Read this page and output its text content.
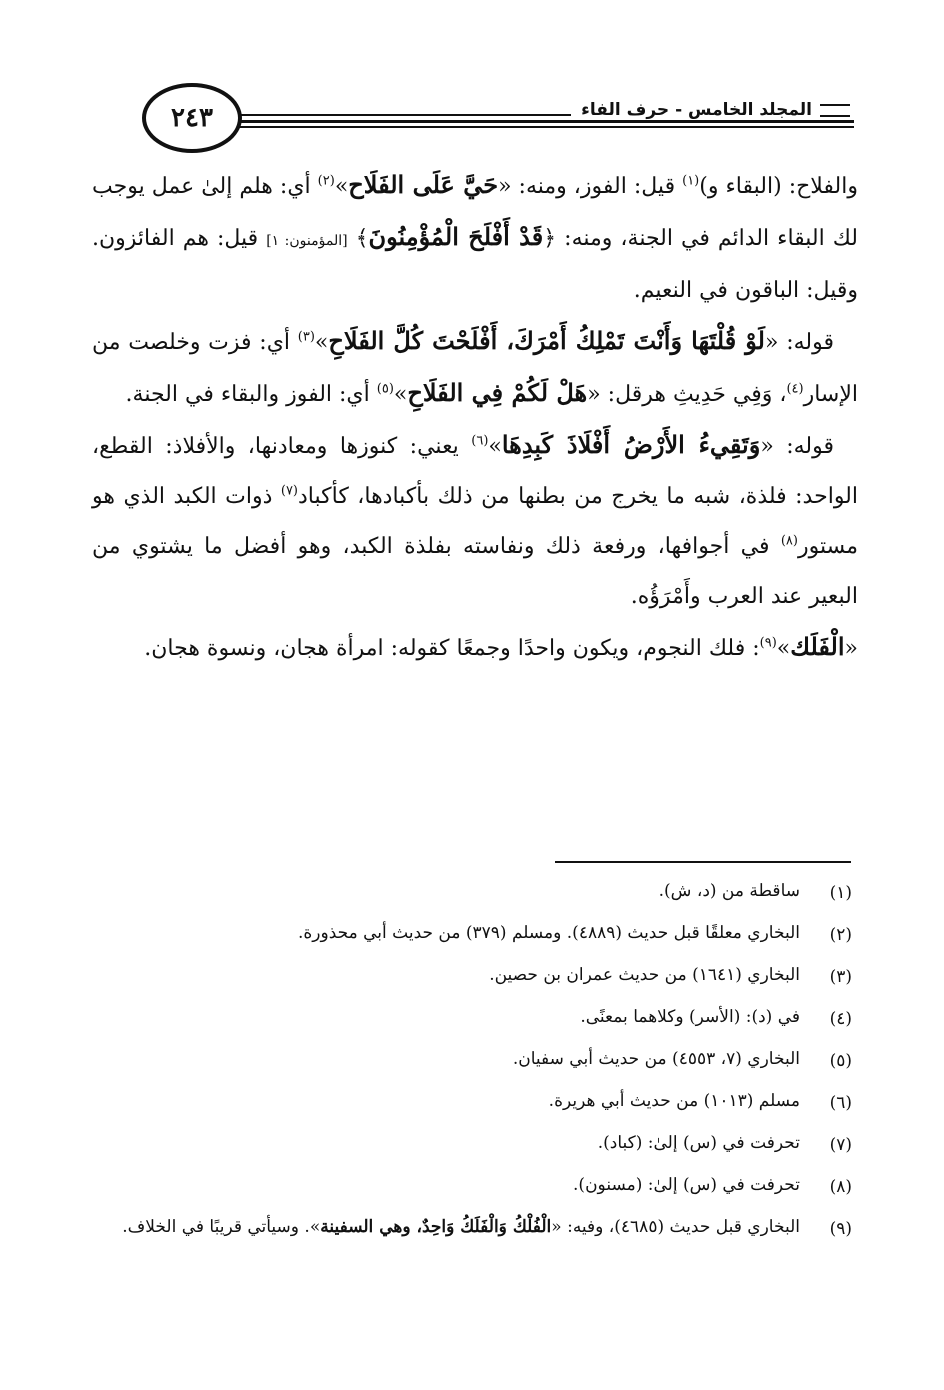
٢٤٣	المجلد الخامس - حرف الفاء

والفلاح: (البقاء و)$^{(١)}$ قيل: الفوز، ومنه: «حَيَّ عَلَى الفَلَاح»$^{(٢)}$ أي: هلم إلىٰ عمل يوجب لك البقاء الدائم في الجنة، ومنه: ﴿قَدْ أَفْلَحَ الْمُؤْمِنُونَ﴾ [المؤمنون: ١] قيل: هم الفائزون. وقيل: الباقون في النعيم.

قوله: «لَوْ قُلْتَهَا وَأَنْتَ تَمْلِكُ أَمْرَكَ، أَفْلَحْتَ كُلَّ الفَلَاحِ»$^{(٣)}$ أي: فزت وخلصت من الإسار$^{(٤)}$، وَفِي حَدِيثِ هرقل: «هَلْ لَكُمْ فِي الفَلَاحِ»$^{(٥)}$ أي: الفوز والبقاء في الجنة.

قوله: «وَتَقِيءُ الأَرْضُ أَفْلَاذَ كَبِدِهَا»$^{(٦)}$ يعني: كنوزها ومعادنها، والأفلاذ: القطع، الواحد: فلذة، شبه ما يخرج من بطنها من ذلك بأكبادها، كأكباد$^{(٧)}$ ذوات الكبد الذي هو مستور$^{(٨)}$ في أجوافها، ورفعة ذلك ونفاسته بفلذة الكبد، وهو أفضل ما يشتوي من البعير عند العرب وأَمْرَؤُه.

«الْفَلَك»$^{(٩)}$: فلك النجوم، ويكون واحدًا وجمعًا كقوله: امرأة هجان، ونسوة هجان.

(١)
ساقطة من (د، ش).
(٢)
البخاري معلقًا قبل حديث (٤٨٨٩). ومسلم (٣٧٩) من حديث أبي محذورة.
(٣)
البخاري (١٦٤١) من حديث عمران بن حصين.
(٤)
في (د): (الأسر) وكلاهما بمعنًى.
(٥)
البخاري (٧، ٤٥٥٣) من حديث أبي سفيان.
(٦)
مسلم (١٠١٣) من حديث أبي هريرة.
(٧)
تحرفت في (س) إلىٰ: (كباد).
(٨)
تحرفت في (س) إلىٰ: (مسنون).
(٩)
البخاري قبل حديث (٤٦٨٥)، وفيه: «الْفُلْكُ وَالْفَلَكُ وَاحِدٌ، وهي السفينة». وسيأتي قريبًا في الخلاف.
